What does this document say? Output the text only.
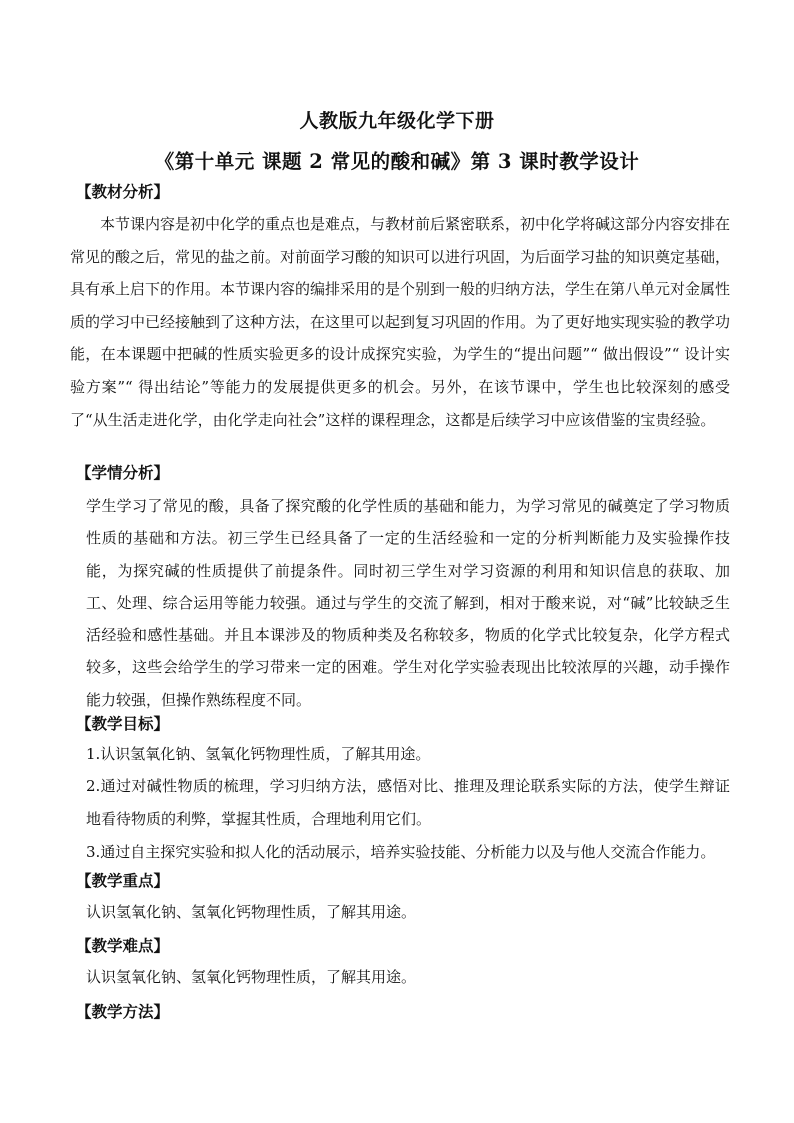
人教版九年级化学下册
《第十单元 课题 2 常见的酸和碱》第 3 课时教学设计
【教材分析】
本节课内容是初中化学的重点也是难点，与教材前后紧密联系，初中化学将碱这部分内容安排在常见的酸之后，常见的盐之前。对前面学习酸的知识可以进行巩固，为后面学习盐的知识奠定基础，具有承上启下的作用。本节课内容的编排采用的是个别到一般的归纳方法，学生在第八单元对金属性质的学习中已经接触到了这种方法，在这里可以起到复习巩固的作用。为了更好地实现实验的教学功能，在本课题中把碱的性质实验更多的设计成探究实验，为学生的“提出问题”“ 做出假设”“ 设计实验方案”“ 得出结论”等能力的发展提供更多的机会。另外，在该节课中，学生也比较深刻的感受了“从生活走进化学，由化学走向社会”这样的课程理念，这都是后续学习中应该借鉴的宝贵经验。
【学情分析】
学生学习了常见的酸，具备了探究酸的化学性质的基础和能力，为学习常见的碱奠定了学习物质性质的基础和方法。初三学生已经具备了一定的生活经验和一定的分析判断能力及实验操作技能，为探究碱的性质提供了前提条件。同时初三学生对学习资源的利用和知识信息的获取、加工、处理、综合运用等能力较强。通过与学生的交流了解到，相对于酸来说，对“碱”比较缺乏生活经验和感性基础。并且本课涉及的物质种类及名称较多，物质的化学式比较复杂，化学方程式较多，这些会给学生的学习带来一定的困难。学生对化学实验表现出比较浓厚的兴趣，动手操作能力较强，但操作熟练程度不同。
【教学目标】
1.认识氢氧化钠、氢氧化钙物理性质，了解其用途。
2.通过对碱性物质的梳理，学习归纳方法，感悟对比、推理及理论联系实际的方法，使学生辩证地看待物质的利弊，掌握其性质，合理地利用它们。
3.通过自主探究实验和拟人化的活动展示，培养实验技能、分析能力以及与他人交流合作能力。
【教学重点】
认识氢氧化钠、氢氧化钙物理性质，了解其用途。
【教学难点】
认识氢氧化钠、氢氧化钙物理性质，了解其用途。
【教学方法】
